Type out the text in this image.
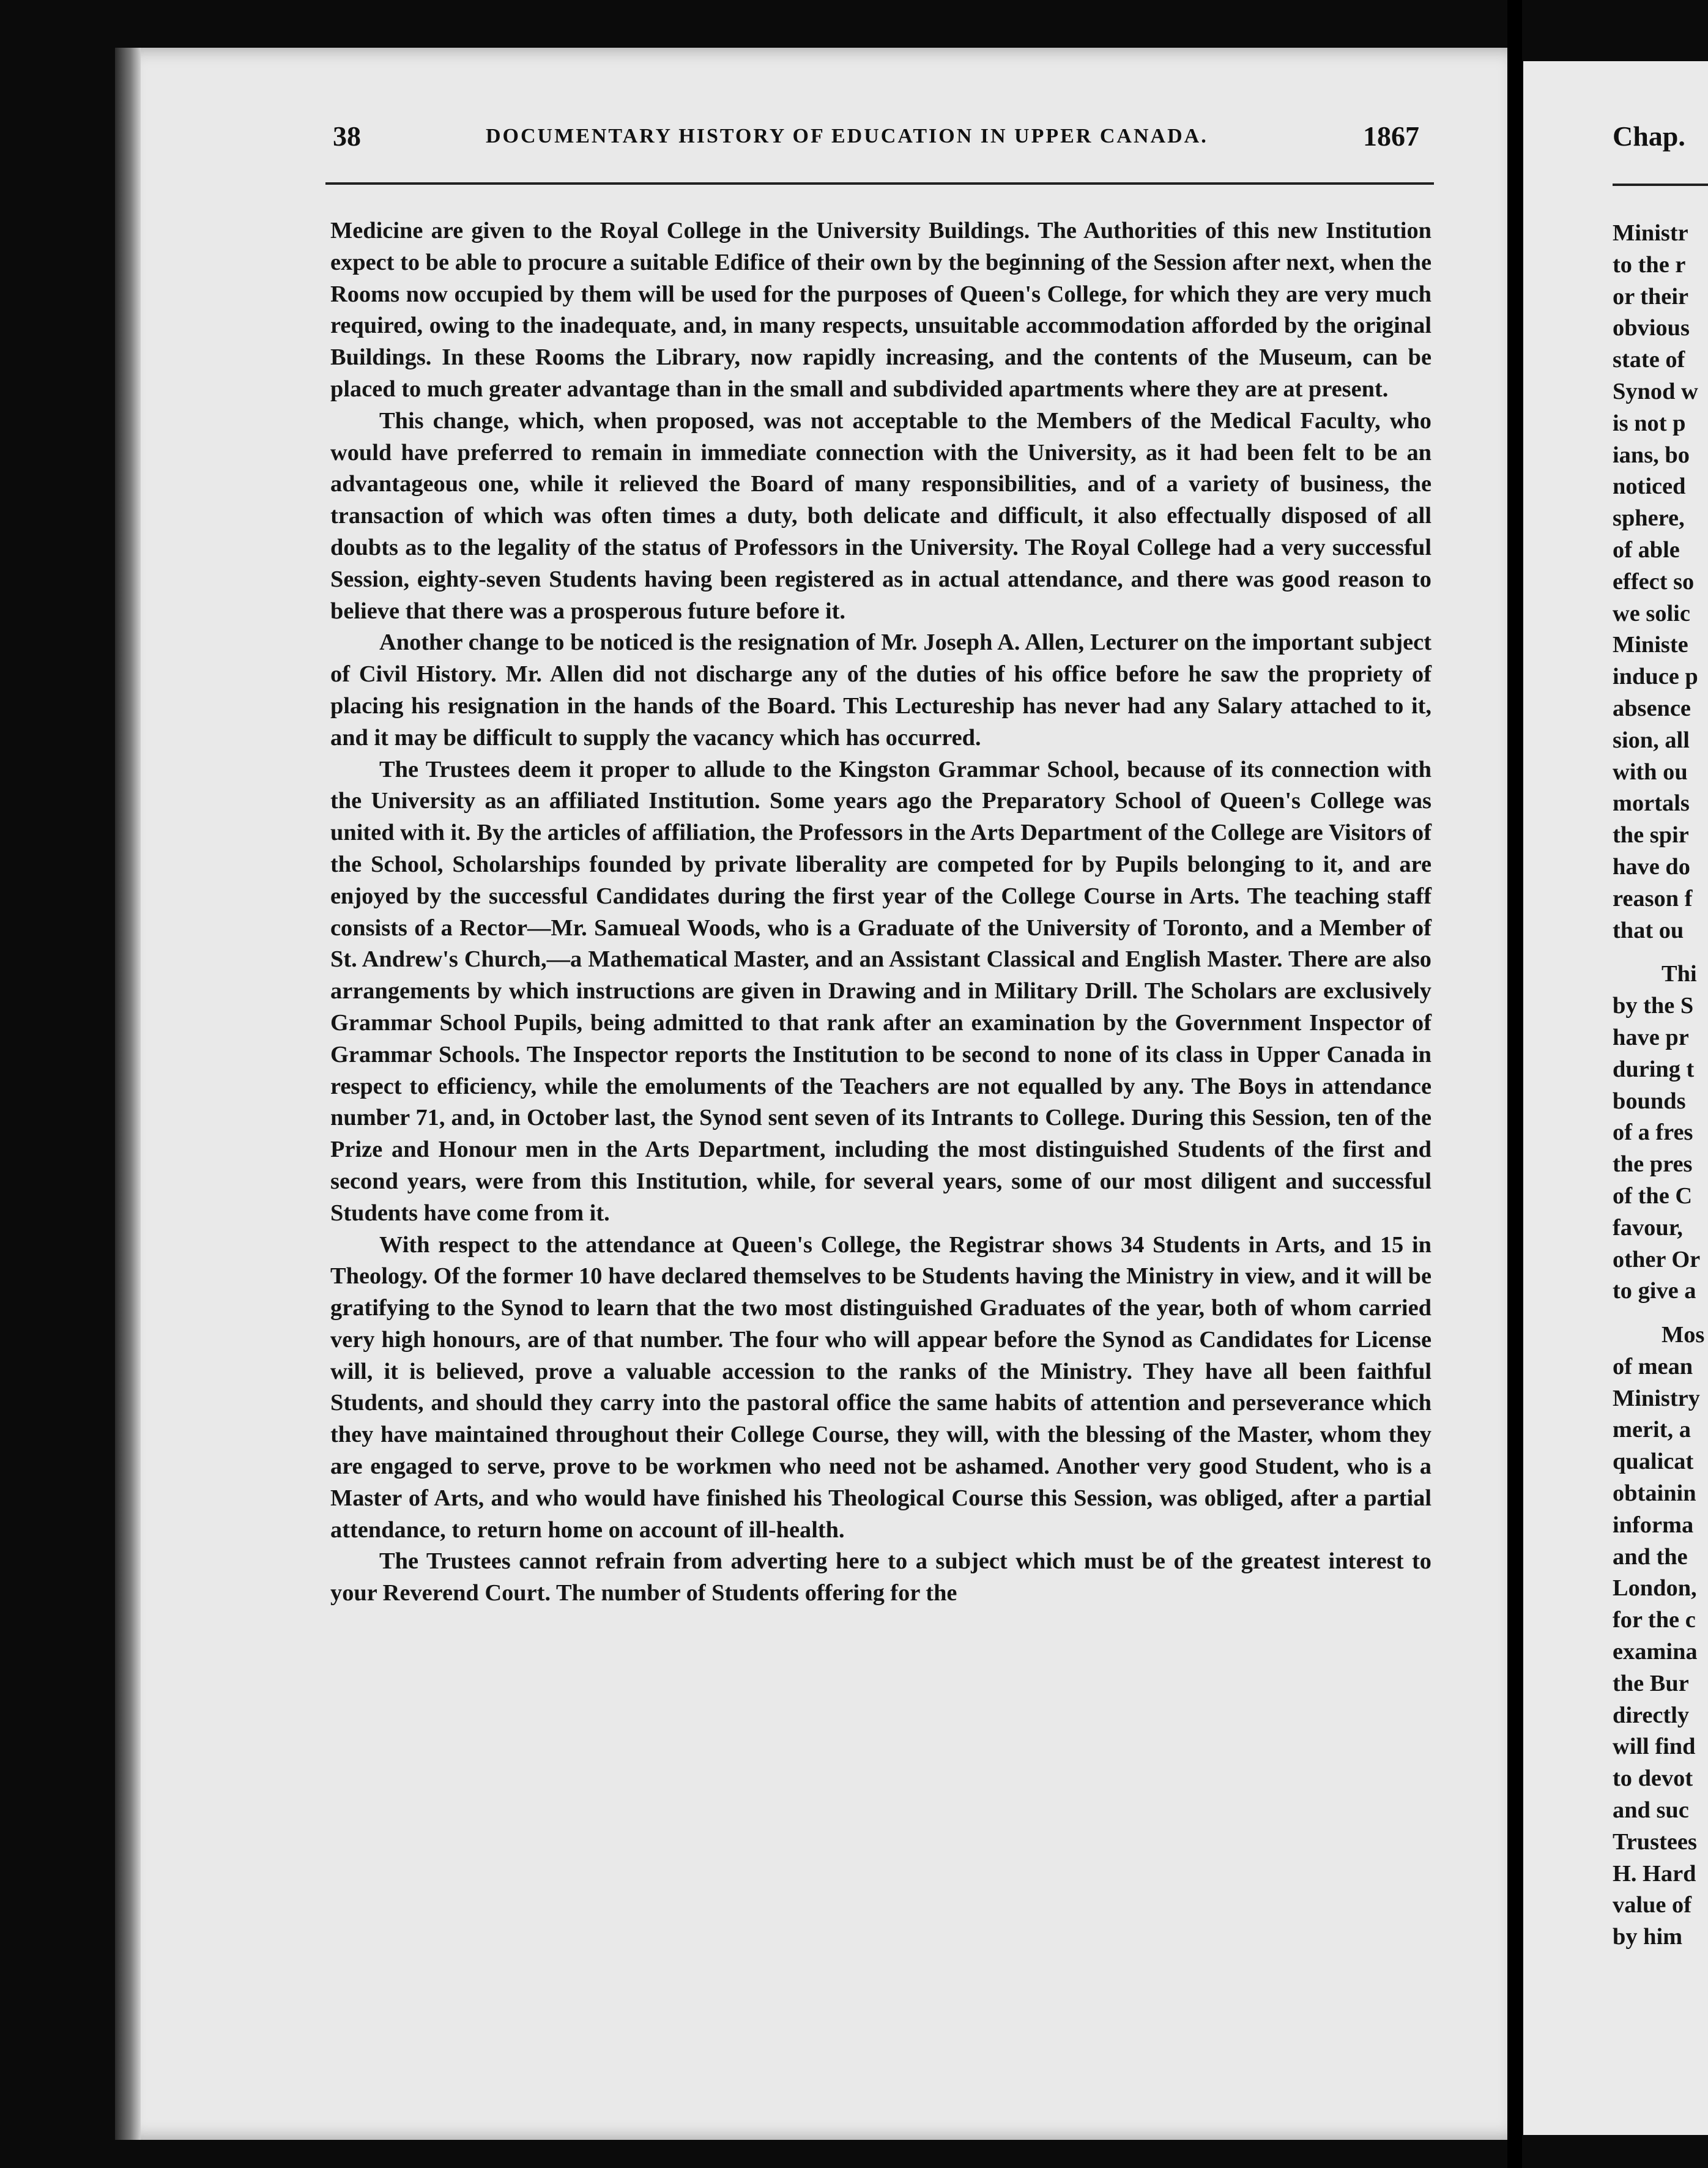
38	DOCUMENTARY HISTORY OF EDUCATION IN UPPER CANADA.	1867

Medicine are given to the Royal College in the University Buildings. The Authorities of this new Institution expect to be able to procure a suitable Edifice of their own by the beginning of the Session after next, when the Rooms now occupied by them will be used for the purposes of Queen's College, for which they are very much required, owing to the inadequate, and, in many respects, unsuitable accommodation afforded by the original Buildings. In these Rooms the Library, now rapidly increasing, and the contents of the Museum, can be placed to much greater advantage than in the small and subdivided apartments where they are at present.

This change, which, when proposed, was not acceptable to the Members of the Medical Faculty, who would have preferred to remain in immediate connection with the University, as it had been felt to be an advantageous one, while it relieved the Board of many responsibilities, and of a variety of business, the transaction of which was often times a duty, both delicate and difficult, it also effectually disposed of all doubts as to the legality of the status of Professors in the University. The Royal College had a very successful Session, eighty-seven Students having been registered as in actual attendance, and there was good reason to believe that there was a prosperous future before it.

Another change to be noticed is the resignation of Mr. Joseph A. Allen, Lecturer on the important subject of Civil History. Mr. Allen did not discharge any of the duties of his office before he saw the propriety of placing his resignation in the hands of the Board. This Lectureship has never had any Salary attached to it, and it may be difficult to supply the vacancy which has occurred.

The Trustees deem it proper to allude to the Kingston Grammar School, because of its connection with the University as an affiliated Institution. Some years ago the Preparatory School of Queen's College was united with it. By the articles of affiliation, the Professors in the Arts Department of the College are Visitors of the School, Scholarships founded by private liberality are competed for by Pupils belonging to it, and are enjoyed by the successful Candidates during the first year of the College Course in Arts. The teaching staff consists of a Rector—Mr. Samueal Woods, who is a Graduate of the University of Toronto, and a Member of St. Andrew's Church,—a Mathematical Master, and an Assistant Classical and English Master. There are also arrangements by which instructions are given in Drawing and in Military Drill. The Scholars are exclusively Grammar School Pupils, being admitted to that rank after an examination by the Government Inspector of Grammar Schools. The Inspector reports the Institution to be second to none of its class in Upper Canada in respect to efficiency, while the emoluments of the Teachers are not equalled by any. The Boys in attendance number 71, and, in October last, the Synod sent seven of its Intrants to College. During this Session, ten of the Prize and Honour men in the Arts Department, including the most distinguished Students of the first and second years, were from this Institution, while, for several years, some of our most diligent and successful Students have come from it.

With respect to the attendance at Queen's College, the Registrar shows 34 Students in Arts, and 15 in Theology. Of the former 10 have declared themselves to be Students having the Ministry in view, and it will be gratifying to the Synod to learn that the two most distinguished Graduates of the year, both of whom carried very high honours, are of that number. The four who will appear before the Synod as Candidates for License will, it is believed, prove a valuable accession to the ranks of the Ministry. They have all been faithful Students, and should they carry into the pastoral office the same habits of attention and perseverance which they have maintained throughout their College Course, they will, with the blessing of the Master, whom they are engaged to serve, prove to be workmen who need not be ashamed. Another very good Student, who is a Master of Arts, and who would have finished his Theological Course this Session, was obliged, after a partial attendance, to return home on account of ill-health.

The Trustees cannot refrain from adverting here to a subject which must be of the greatest interest to your Reverend Court. The number of Students offering for the

Chap.
Ministr
to the r
or their
obvious
state of
Synod w
is not p
ians, bo
noticed
sphere,
of able
effect so
we solic
Ministe
induce p
absence
sion, all
with ou
mortals
the spir
have do
reason f
that ou
Thi
by the S
have pr
during t
bounds
of a fres
the pres
of the C
favour,
other Or
to give a
Mos
of mean
Ministry
merit, a
qualicat
obtainin
informa
and the
London,
for the c
examina
the Bur
directly
will find
to devot
and suc
Trustees
H. Hard
value of
by him
